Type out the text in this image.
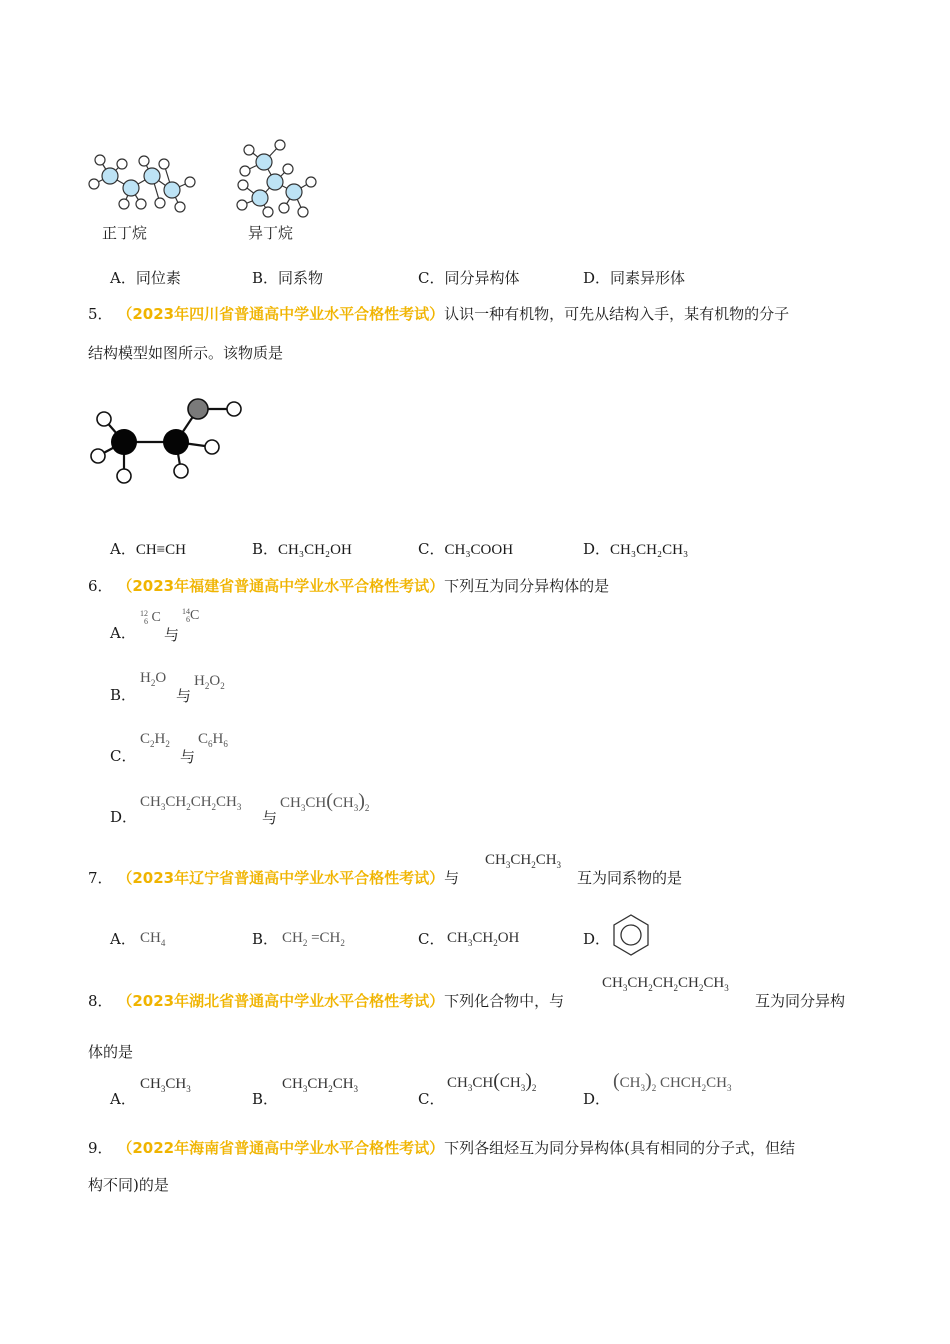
正丁烷	异丁烷
A．同位素	B．同系物	C．同分异构体	D．同素异形体
5． （2023年四川省普通高中学业水平合格性考试）认识一种有机物，可先从结构入手，某有机物的分子
结构模型如图所示。该物质是
A．CH≡CH	B．CH₃CH₂OH	C．CH₃COOH	D．CH₃CH₂CH₃
6． （2023年福建省普通高中学业水平合格性考试）下列互为同分异构体的是
A．
12
6 C
与
14
6C
B．
$H_2O$
与
$H_2O_2$
C．
$C_2H_2$
与
$C_6H_6$
D．
$CH_3CH_2CH_2CH_3$
与
$CH_3CH(CH_3)_2$
7． （2023年辽宁省普通高中学业水平合格性考试）与
$CH_3CH_2CH_3$
互为同系物的是
A． $CH_4$	B． $CH_2 =CH_2$	C． $CH_3CH_2OH$	D．
8． （2023年湖北省普通高中学业水平合格性考试）下列化合物中，与
$CH_3CH_2CH_2CH_2CH_3$
互为同分异构
体的是
A．
$CH_3CH_3$
B．
$CH_3CH_2CH_3$
C．
$CH_3CH(CH_3)_2$
D．
$(CH_3)_2$ $CHCH_2CH_3$
9． （2022年海南省普通高中学业水平合格性考试）下列各组烃互为同分异构体(具有相同的分子式，但结
构不同)的是
